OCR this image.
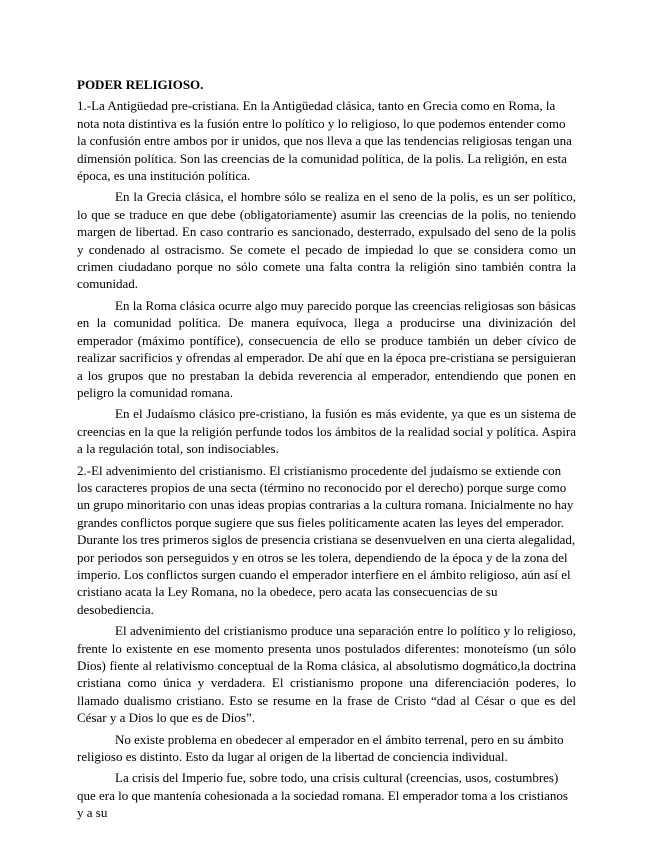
PODER RELIGIOSO.

1.-La Antigüedad pre-cristiana. En la Antigüedad clásica, tanto en Grecia como en Roma, la nota nota distintiva es la fusión entre lo político y lo religioso, lo que podemos entender como la confusión entre ambos por ir unidos, que nos lleva a que las tendencias religiosas tengan una dimensión política. Son las creencias de la comunidad política, de la polis. La religión, en esta época, es una institución política.

En la Grecia clásica, el hombre sólo se realiza en el seno de la polis, es un ser político, lo que se traduce en que debe (obligatoriamente) asumir las creencias de la polis, no teniendo margen de libertad. En caso contrario es sancionado, desterrado, expulsado del seno de la polis y condenado al ostracismo. Se comete el pecado de impiedad lo que se considera como un crimen ciudadano porque no sólo comete una falta contra la religión sino también contra la comunidad.

En la Roma clásica ocurre algo muy parecido porque las creencias religiosas son básicas en la comunidad política. De manera equívoca, llega a producirse una divinización del emperador (máximo pontífice), consecuencia de ello se produce también un deber cívico de realizar sacrificios y ofrendas al emperador. De ahí que en la época pre-cristiana se persiguieran a los grupos que no prestaban la debida reverencia al emperador, entendiendo que ponen en peligro la comunidad romana.

En el Judaísmo clásico pre-cristiano, la fusión es más evidente, ya que es un sistema de creencias en la que la religión perfunde todos los ámbitos de la realidad social y política. Aspira a la regulación total, son indisociables.

2.-El advenimiento del cristianismo. El cristianismo procedente del judaísmo se extiende con los caracteres propios de una secta (término no reconocido por el derecho) porque surge como un grupo minoritario con unas ideas propias contrarias a la cultura romana. Inicialmente no hay grandes conflictos porque sugiere que sus fieles políticamente acaten las leyes del emperador. Durante los tres primeros siglos de presencia cristiana se desenvuelven en una cierta alegalidad, por periodos son perseguidos y en otros se les tolera, dependiendo de la época y de la zona del imperio. Los conflictos surgen cuando el emperador interfiere en el ámbito religioso, aún así el cristiano acata la Ley Romana, no la obedece, pero acata las consecuencias de su desobediencia.

El advenimiento del cristianismo produce una separación entre lo político y lo religioso, frente lo existente en ese momento presenta unos postulados diferentes: monoteísmo (un sólo Dios) fiente al relativismo conceptual de la Roma clásica, al absolutismo dogmático,la doctrina cristiana como única y verdadera. El cristianismo propone una diferenciación poderes, lo llamado dualismo cristiano. Esto se resume en la frase de Cristo “dad al César o que es del César y a Dios lo que es de Dios”.

No existe problema en obedecer al emperador en el ámbito terrenal, pero en su ámbito religioso es distinto. Esto da lugar al origen de la libertad de conciencia individual.

La crisis del Imperio fue, sobre todo, una crisis cultural (creencias, usos, costumbres) que era lo que mantenía cohesionada a la sociedad romana. El emperador toma a los cristianos y a su
